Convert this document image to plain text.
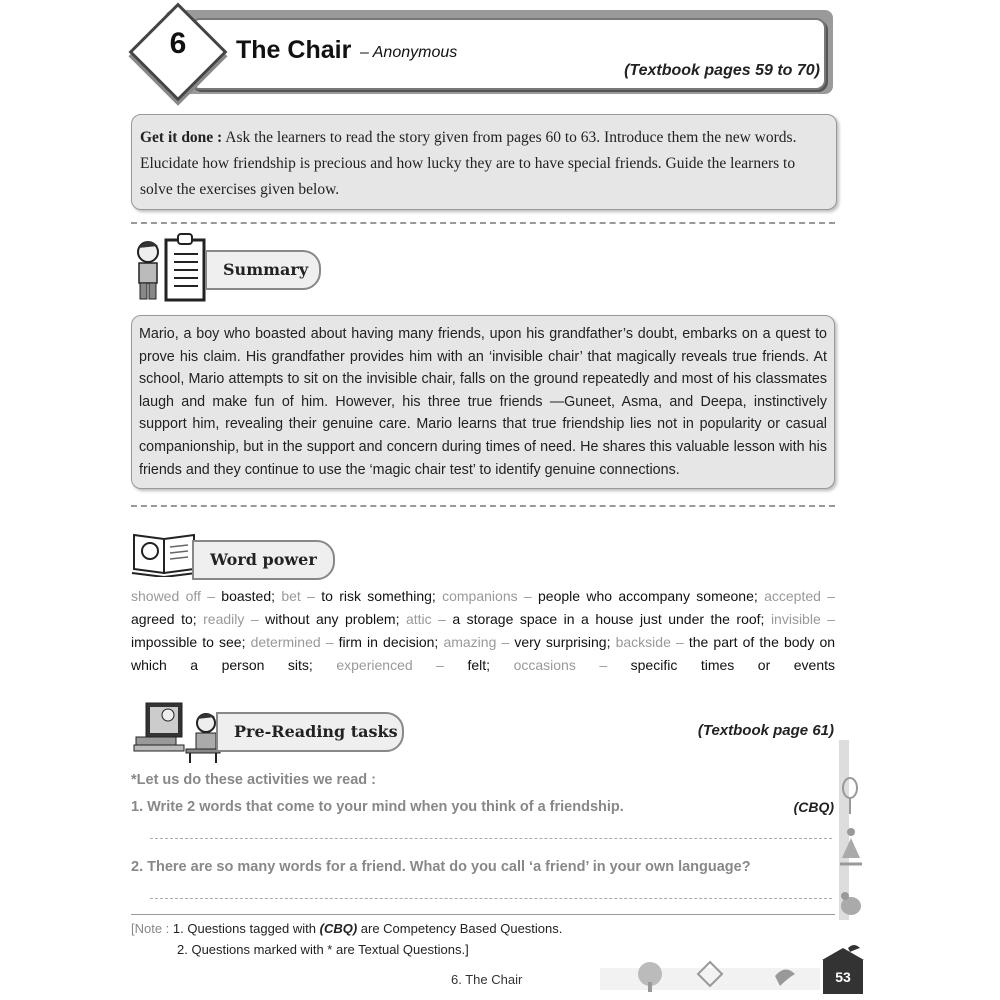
6	The Chair – Anonymous
(Textbook pages 59 to 70)
Get it done : Ask the learners to read the story given from pages 60 to 63. Introduce them the new words. Elucidate how friendship is precious and how lucky they are to have special friends. Guide the learners to solve the exercises given below.
Summary
Mario, a boy who boasted about having many friends, upon his grandfather’s doubt, embarks on a quest to prove his claim. His grandfather provides him with an ‘invisible chair’ that magically reveals true friends. At school, Mario attempts to sit on the invisible chair, falls on the ground repeatedly and most of his classmates laugh and make fun of him. However, his three true friends —Guneet, Asma, and Deepa, instinctively support him, revealing their genuine care. Mario learns that true friendship lies not in popularity or casual companionship, but in the support and concern during times of need. He shares this valuable lesson with his friends and they continue to use the ‘magic chair test’ to identify genuine connections.
Word power
showed off – boasted; bet – to risk something; companions – people who accompany someone; accepted – agreed to; readily – without any problem; attic – a storage space in a house just under the roof; invisible – impossible to see; determined – firm in decision; amazing – very surprising; backside – the part of the body on which a person sits; experienced – felt; occasions – specific times or events
Pre-Reading tasks	(Textbook page 61)
*Let us do these activities we read :
1. Write 2 words that come to your mind when you think of a friendship.	(CBQ)
2. There are so many words for a friend. What do you call ‘a friend’ in your own language?
[Note : 1. Questions tagged with (CBQ) are Competency Based Questions.
2. Questions marked with * are Textual Questions.]
6. The Chair	53
